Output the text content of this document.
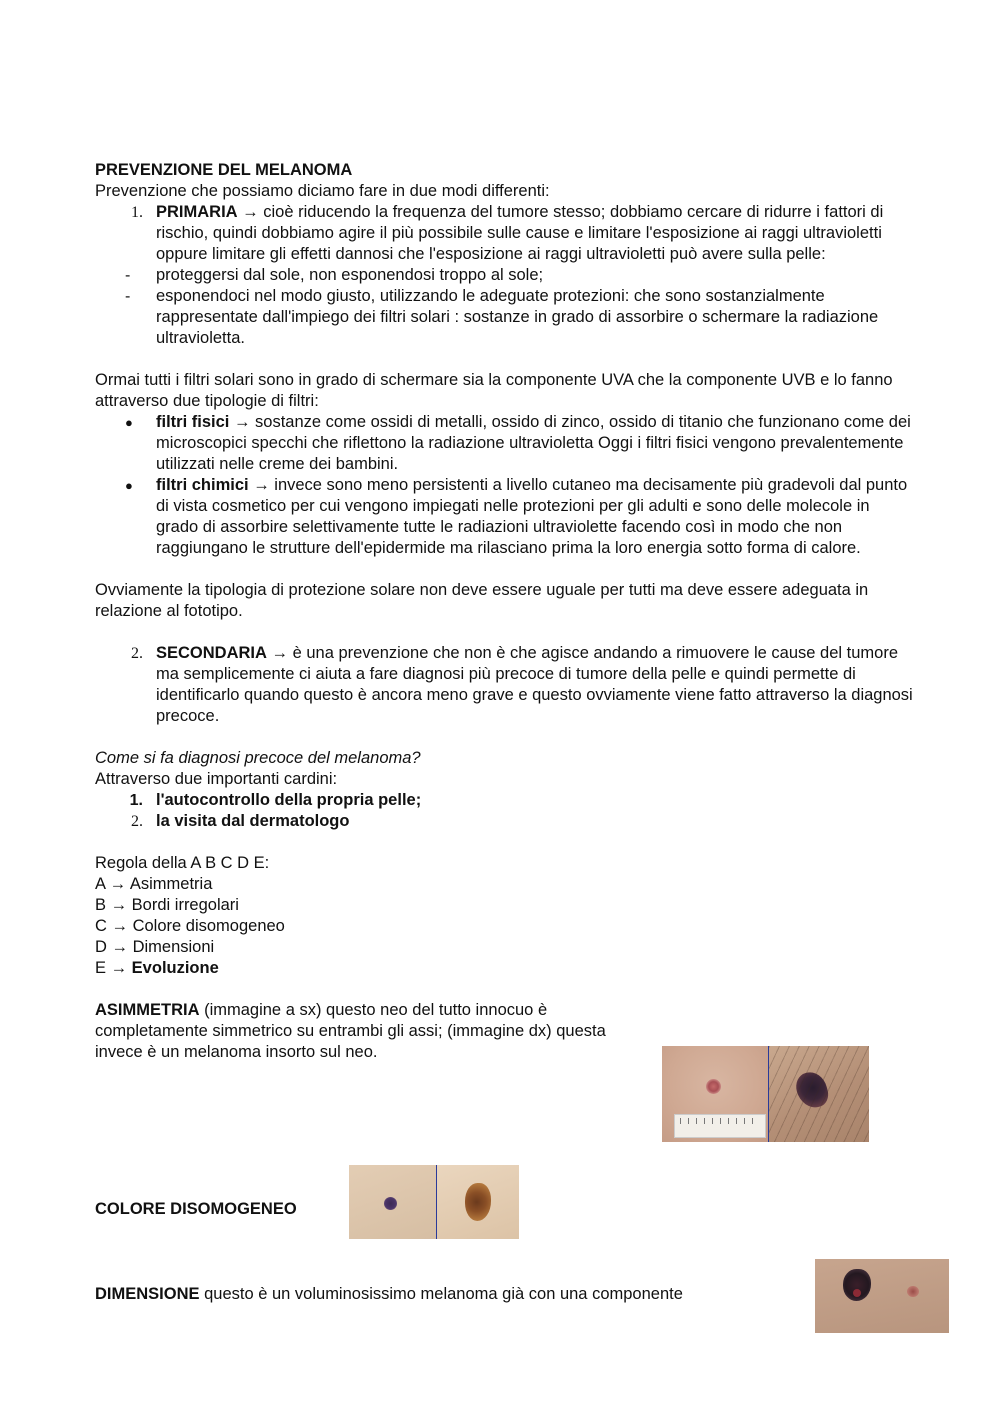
PREVENZIONE DEL MELANOMA

Prevenzione che possiamo diciamo fare in due modi differenti:

1. PRIMARIA → cioè riducendo la frequenza del tumore stesso; dobbiamo cercare di ridurre i fattori di rischio, quindi dobbiamo agire il più possibile sulle cause e limitare l'esposizione ai raggi ultravioletti oppure limitare gli effetti dannosi che l'esposizione ai raggi ultravioletti può avere sulla pelle:
-	proteggersi dal sole, non esponendosi troppo al sole;
-	esponendoci nel modo giusto, utilizzando le adeguate protezioni: che sono sostanzialmente rappresentate dall'impiego dei filtri solari : sostanze in grado di assorbire o schermare la radiazione ultravioletta.

Ormai tutti i filtri solari sono in grado di schermare sia la componente UVA che la componente UVB e lo fanno attraverso due tipologie di filtri:

●	filtri fisici → sostanze come ossidi di metalli, ossido di zinco, ossido di titanio che funzionano come dei microscopici specchi che riflettono la radiazione ultravioletta Oggi i filtri fisici vengono prevalentemente utilizzati nelle creme dei bambini.
●	filtri chimici → invece sono meno persistenti a livello cutaneo ma decisamente più gradevoli dal punto di vista cosmetico per cui vengono impiegati nelle protezioni per gli adulti e sono delle molecole in grado di assorbire selettivamente tutte le radiazioni ultraviolette facendo così in modo che non raggiungano le strutture dell'epidermide ma rilasciano prima la loro energia sotto forma di calore.

Ovviamente la tipologia di protezione solare non deve essere uguale per tutti ma deve essere adeguata in relazione al fototipo.

2. SECONDARIA → è una prevenzione che non è che agisce andando a rimuovere le cause del tumore ma semplicemente ci aiuta a fare diagnosi più precoce di tumore della pelle e quindi permette di identificarlo quando questo è ancora meno grave e questo ovviamente viene fatto attraverso la diagnosi precoce.

Come si fa diagnosi precoce del melanoma?

Attraverso due importanti cardini:

1. l'autocontrollo della propria pelle;
2. la visita dal dermatologo

Regola della A B C D E:

A → Asimmetria

B → Bordi irregolari

C → Colore disomogeneo

D → Dimensioni

E → Evoluzione

ASIMMETRIA (immagine a sx) questo neo del tutto innocuo è completamente simmetrico su entrambi gli assi; (immagine dx) questa invece è un melanoma insorto sul neo.

COLORE DISOMOGENEO

DIMENSIONE questo è un voluminosissimo melanoma già con una componente
